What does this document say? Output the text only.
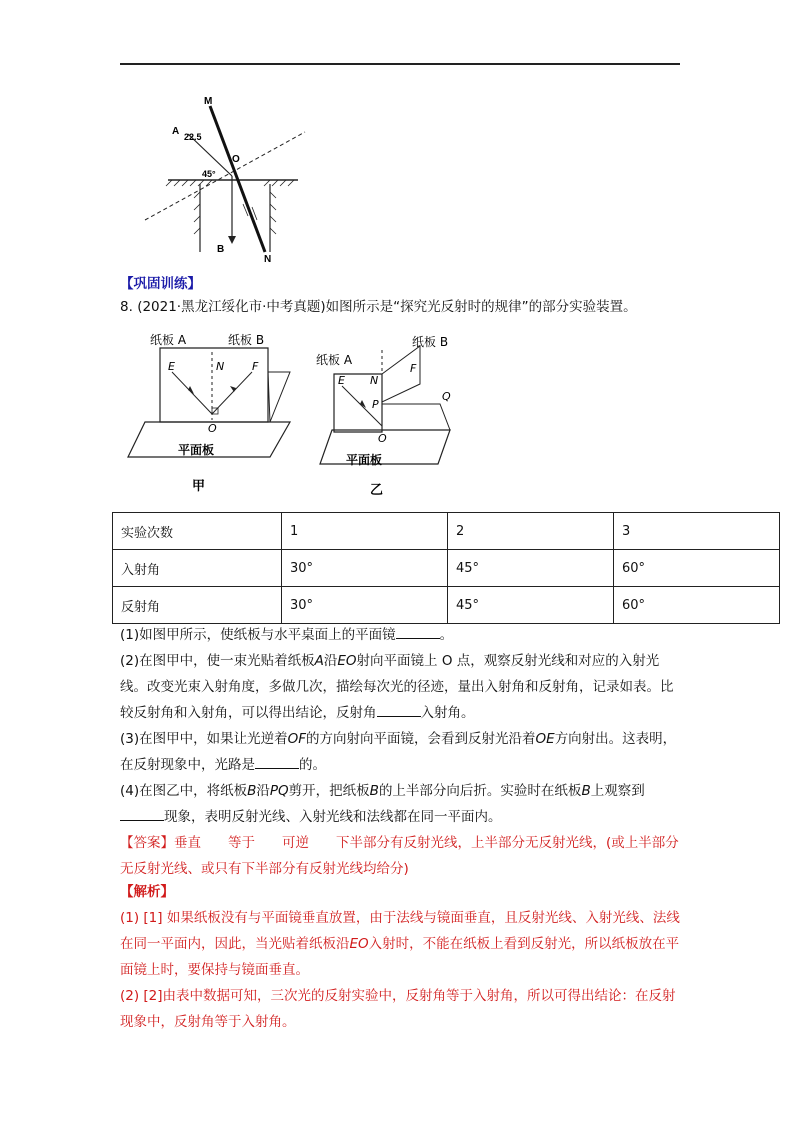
M
A 22.5
O
45°
B
N
【巩固训练】
8. (2021·黑龙江绥化市·中考真题)如图所示是“探究光反射时的规律”的部分实验装置。
纸板 A	纸板 B
E	N	F
O
平面板
甲
纸板 A
纸板 B
E N
F
P
Q
O
平面板
乙
实验次数	1	2	3
入射角	30°	45°	60°
反射角	30°	45°	60°
(1)如图甲所示，使纸板与水平桌面上的平面镜	。
(2)在图甲中，使一束光贴着纸板A沿EO射向平面镜上 O 点，观察反射光线和对应的入射光线。改变光束入射角度，多做几次，描绘每次光的径迹，量出入射角和反射角，记录如表。比较反射角和入射角，可以得出结论，反射角	入射角。
(3)在图甲中，如果让光逆着OF的方向射向平面镜，会看到反射光沿着OE方向射出。这表明，在反射现象中，光路是	的。
(4)在图乙中，将纸板B沿PQ剪开，把纸板B的上半部分向后折。实验时在纸板B上观察到现象，表明反射光线、入射光线和法线都在同一平面内。
【答案】垂直　　等于　　可逆　　下半部分有反射光线，上半部分无反射光线，(或上半部分无反射光线、或只有下半部分有反射光线均给分)
【解析】
(1) [1] 如果纸板没有与平面镜垂直放置，由于法线与镜面垂直，且反射光线、入射光线、法线在同一平面内，因此，当光贴着纸板沿EO入射时，不能在纸板上看到反射光，所以纸板放在平面镜上时，要保持与镜面垂直。
(2) [2]由表中数据可知，三次光的反射实验中，反射角等于入射角，所以可得出结论：在反射现象中，反射角等于入射角。
